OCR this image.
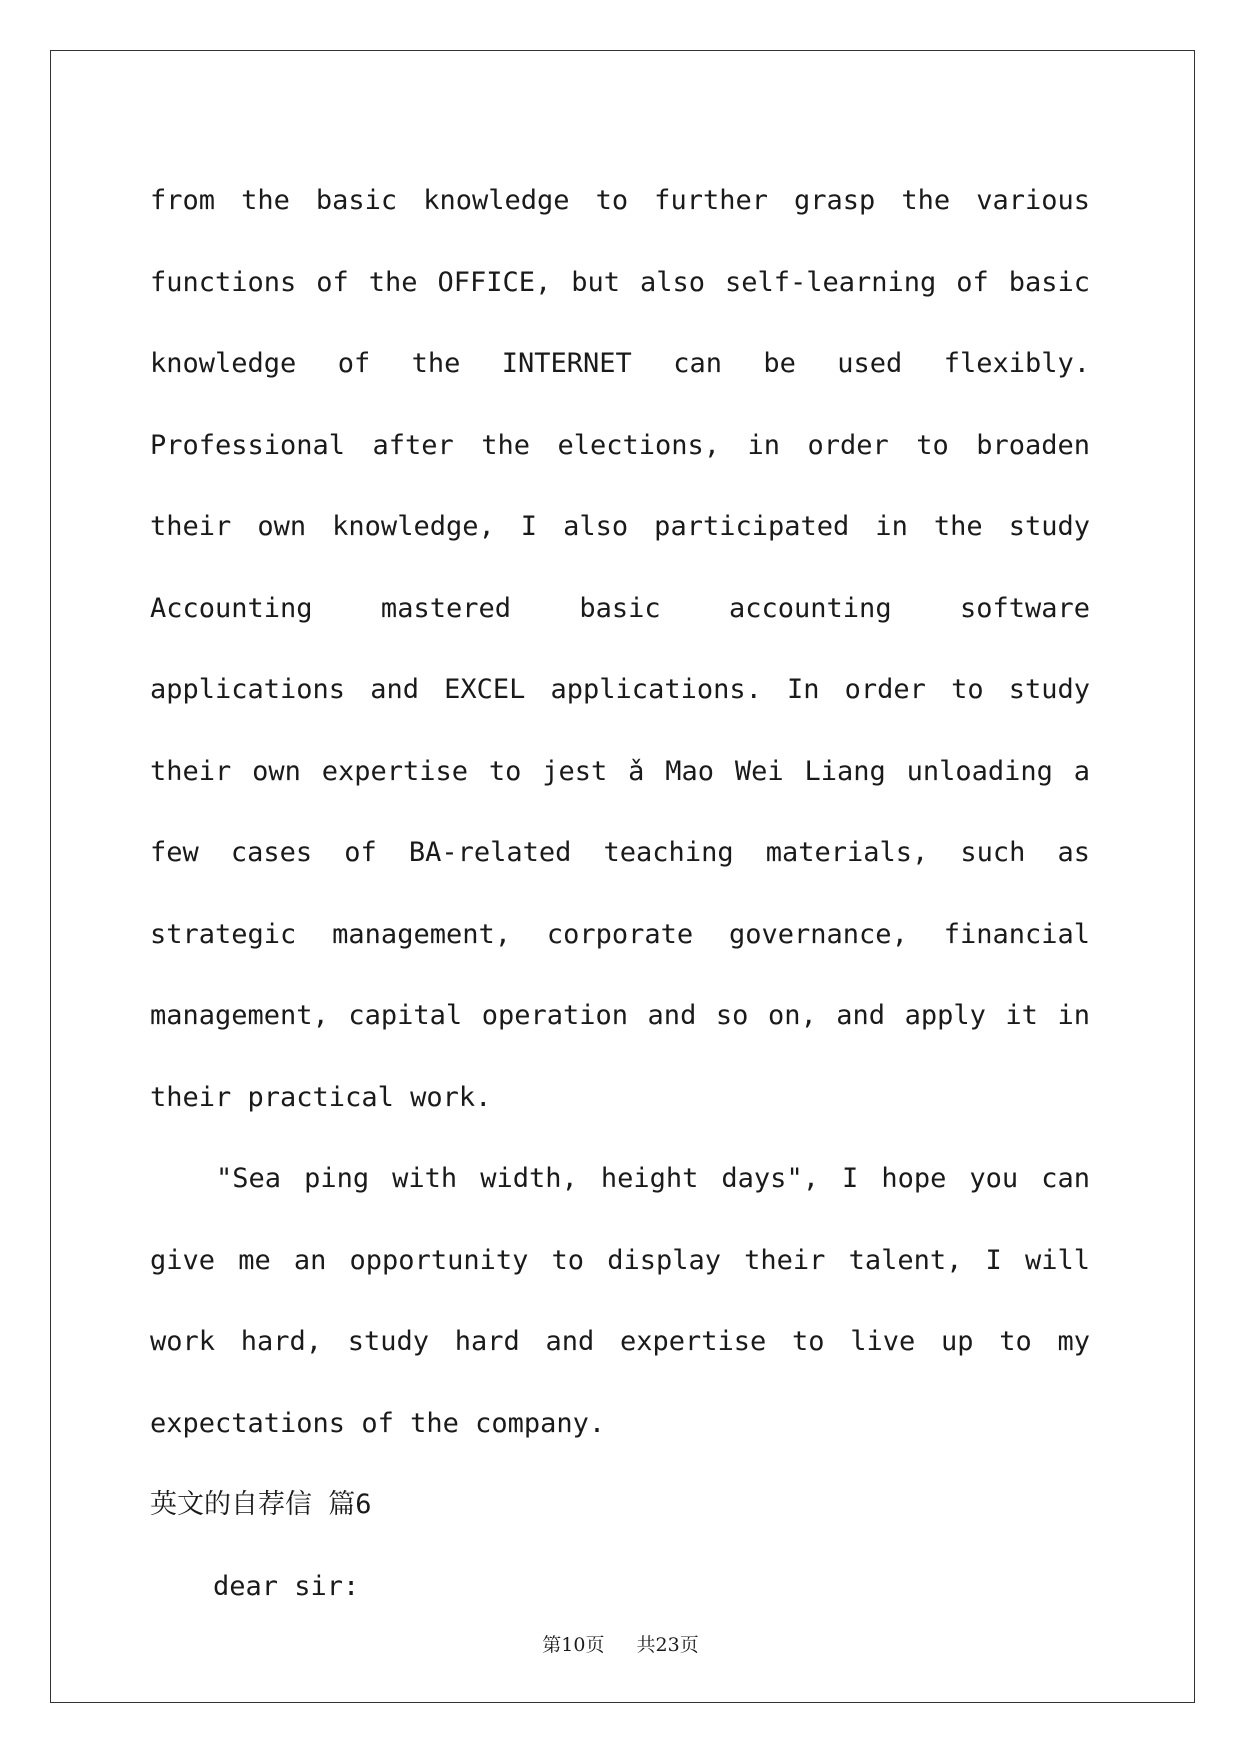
from the basic knowledge to further grasp the various functions of the OFFICE, but also self-learning of basic knowledge of the INTERNET can be used flexibly. Professional after the elections, in order to broaden their own knowledge, I also participated in the study Accounting mastered basic accounting software applications and EXCEL applications. In order to study their own expertise to jest ǎ Mao Wei Liang unloading a few cases of BA-related teaching materials, such as strategic management, corporate governance, financial management, capital operation and so on, and apply it in their practical work.

"Sea ping with width, height days", I hope you can give me an opportunity to display their talent, I will work hard, study hard and expertise to live up to my expectations of the company.

英文的自荐信 篇6

dear sir:

第10页 共23页
